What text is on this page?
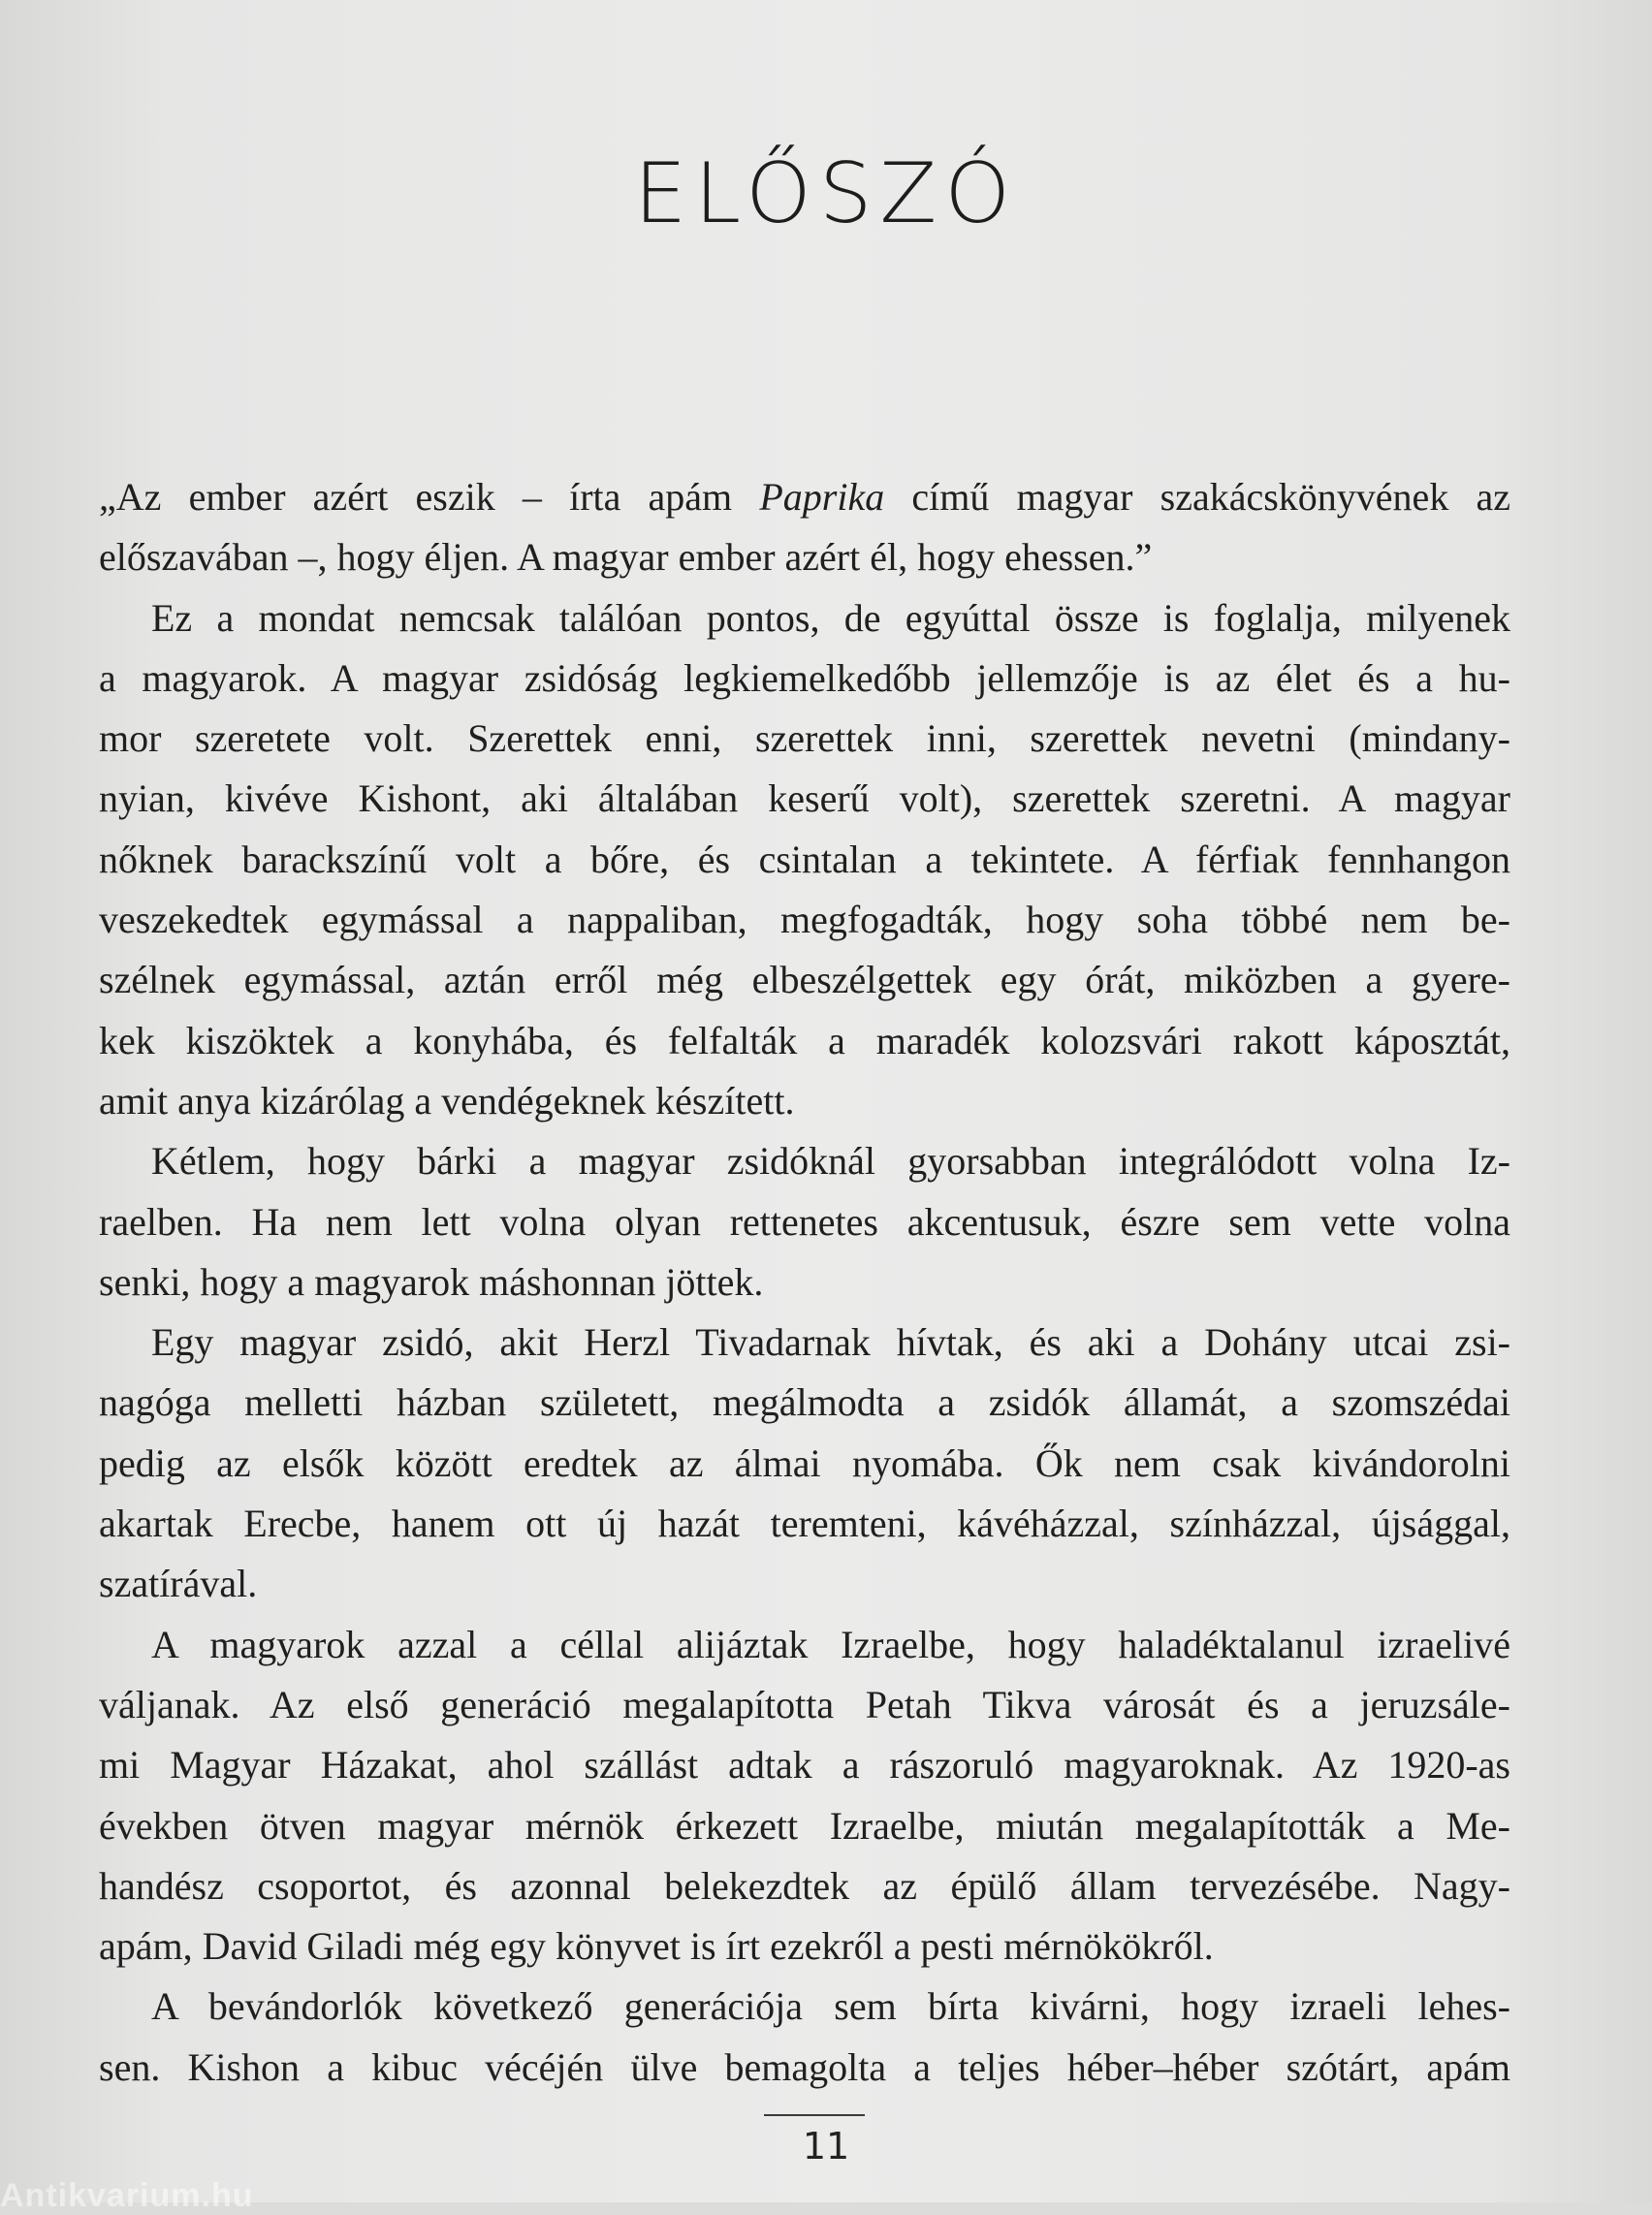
ELŐSZÓ
„Az ember azért eszik – írta apám Paprika című magyar szakácskönyvének az
előszavában –, hogy éljen. A magyar ember azért él, hogy ehessen.”
Ez a mondat nemcsak találóan pontos, de egyúttal össze is foglalja, milyenek
a magyarok. A magyar zsidóság legkiemelkedőbb jellemzője is az élet és a hu-
mor szeretete volt. Szerettek enni, szerettek inni, szerettek nevetni (mindany-
nyian, kivéve Kishont, aki általában keserű volt), szerettek szeretni. A magyar
nőknek barackszínű volt a bőre, és csintalan a tekintete. A férfiak fennhangon
veszekedtek egymással a nappaliban, megfogadták, hogy soha többé nem be-
szélnek egymással, aztán erről még elbeszélgettek egy órát, miközben a gyere-
kek kiszöktek a konyhába, és felfalták a maradék kolozsvári rakott káposztát,
amit anya kizárólag a vendégeknek készített.
Kétlem, hogy bárki a magyar zsidóknál gyorsabban integrálódott volna Iz-
raelben. Ha nem lett volna olyan rettenetes akcentusuk, észre sem vette volna
senki, hogy a magyarok máshonnan jöttek.
Egy magyar zsidó, akit Herzl Tivadarnak hívtak, és aki a Dohány utcai zsi-
nagóga melletti házban született, megálmodta a zsidók államát, a szomszédai
pedig az elsők között eredtek az álmai nyomába. Ők nem csak kivándorolni
akartak Erecbe, hanem ott új hazát teremteni, kávéházzal, színházzal, újsággal,
szatírával.
A magyarok azzal a céllal alijáztak Izraelbe, hogy haladéktalanul izraelivé
váljanak. Az első generáció megalapította Petah Tikva városát és a jeruzsále-
mi Magyar Házakat, ahol szállást adtak a rászoruló magyaroknak. Az 1920-as
években ötven magyar mérnök érkezett Izraelbe, miután megalapították a Me-
handész csoportot, és azonnal belekezdtek az épülő állam tervezésébe. Nagy-
apám, David Giladi még egy könyvet is írt ezekről a pesti mérnökökről.
A bevándorlók következő generációja sem bírta kivárni, hogy izraeli lehes-
sen. Kishon a kibuc vécéjén ülve bemagolta a teljes héber–héber szótárt, apám
11
Antikvarium.hu
